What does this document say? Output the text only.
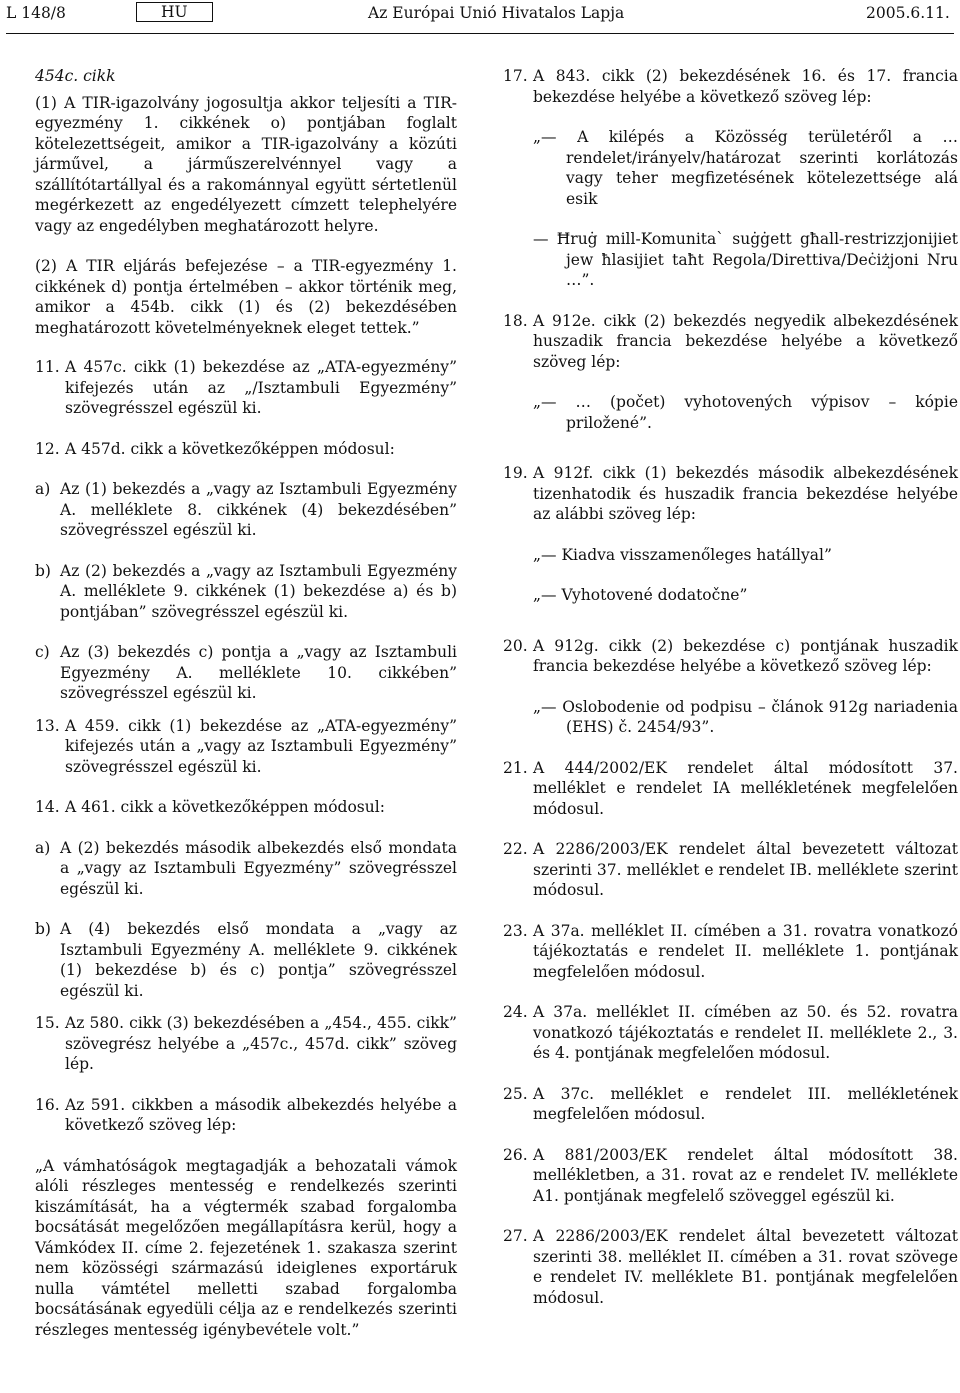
L 148/8	HU	Az Európai Unió Hivatalos Lapja	2005.6.11.
454c. cikk
(1) A TIR-igazolvány jogosultja akkor teljesíti a TIR-egyezmény 1. cikkének o) pontjában foglalt kötelezettségeit, amikor a TIR-igazolvány a közúti járművel, a járműszerelvénnyel vagy a szállítótartállyal és a rakománnyal együtt sértetlenül megérkezett az engedélyezett címzett telephelyére vagy az engedélyben meghatározott helyre.
(2) A TIR eljárás befejezése – a TIR-egyezmény 1. cikkének d) pontja értelmében – akkor történik meg, amikor a 454b. cikk (1) és (2) bekezdésében meghatározott követelményeknek eleget tettek.”
11. A 457c. cikk (1) bekezdése az „ATA-egyezmény” kifejezés után az „/Isztambuli Egyezmény” szövegrésszel egészül ki.
12. A 457d. cikk a következőképpen módosul:
a) Az (1) bekezdés a „vagy az Isztambuli Egyezmény A. melléklete 8. cikkének (4) bekezdésében” szövegrésszel egészül ki.
b) Az (2) bekezdés a „vagy az Isztambuli Egyezmény A. melléklete 9. cikkének (1) bekezdése a) és b) pontjában” szövegrésszel egészül ki.
c) Az (3) bekezdés c) pontja a „vagy az Isztambuli Egyezmény A. melléklete 10. cikkében” szövegrésszel egészül ki.
13. A 459. cikk (1) bekezdése az „ATA-egyezmény” kifejezés után a „vagy az Isztambuli Egyezmény” szövegrésszel egészül ki.
14. A 461. cikk a következőképpen módosul:
a) A (2) bekezdés második albekezdés első mondata a „vagy az Isztambuli Egyezmény” szövegrésszel egészül ki.
b) A (4) bekezdés első mondata a „vagy az Isztambuli Egyezmény A. melléklete 9. cikkének (1) bekezdése b) és c) pontja” szövegrésszel egészül ki.
15. Az 580. cikk (3) bekezdésében a „454., 455. cikk” szövegrész helyébe a „457c., 457d. cikk” szöveg lép.
16. Az 591. cikkben a második albekezdés helyébe a következő szöveg lép:
„A vámhatóságok megtagadják a behozatali vámok alóli részleges mentesség e rendelkezés szerinti kiszámítását, ha a végtermék szabad forgalomba bocsátását megelőzően megállapításra kerül, hogy a Vámkódex II. címe 2. fejezetének 1. szakasza szerint nem közösségi származású ideiglenes exportáruk nulla vámtétel melletti szabad forgalomba bocsátásának egyedüli célja az e rendelkezés szerinti részleges mentesség igénybevétele volt.”
17. A 843. cikk (2) bekezdésének 16. és 17. francia bekezdése helyébe a következő szöveg lép:
„— A kilépés a Közösség területéről a … rendelet/irányelv/határozat szerinti korlátozás vagy teher megfizetésének kötelezettsége alá esik
— Ħruġ mill-Komunita` suġġett għall-restrizzjonijiet jew ħlasijiet taħt Regola/Direttiva/Deċiżjoni Nru …”.
18. A 912e. cikk (2) bekezdés negyedik albekezdésének huszadik francia bekezdése helyébe a következő szöveg lép:
„— … (počet) vyhotovených výpisov – kópie priložené”.
19. A 912f. cikk (1) bekezdés második albekezdésének tizenhatodik és huszadik francia bekezdése helyébe az alábbi szöveg lép:
„— Kiadva visszamenőleges hatállyal”
„— Vyhotovené dodatočne”
20. A 912g. cikk (2) bekezdése c) pontjának huszadik francia bekezdése helyébe a következő szöveg lép:
„— Oslobodenie od podpisu – článok 912g nariadenia (EHS) č. 2454/93”.
21. A 444/2002/EK rendelet által módosított 37. melléklet e rendelet IA mellékletének megfelelően módosul.
22. A 2286/2003/EK rendelet által bevezetett változat szerinti 37. melléklet e rendelet IB. melléklete szerint módosul.
23. A 37a. melléklet II. címében a 31. rovatra vonatkozó tájékoztatás e rendelet II. melléklete 1. pontjának megfelelően módosul.
24. A 37a. melléklet II. címében az 50. és 52. rovatra vonatkozó tájékoztatás e rendelet II. melléklete 2., 3. és 4. pontjának megfelelően módosul.
25. A 37c. melléklet e rendelet III. mellékletének megfelelően módosul.
26. A 881/2003/EK rendelet által módosított 38. mellékletben, a 31. rovat az e rendelet IV. melléklete A1. pontjának megfelelő szöveggel egészül ki.
27. A 2286/2003/EK rendelet által bevezetett változat szerinti 38. melléklet II. címében a 31. rovat szövege e rendelet IV. melléklete B1. pontjának megfelelően módosul.
